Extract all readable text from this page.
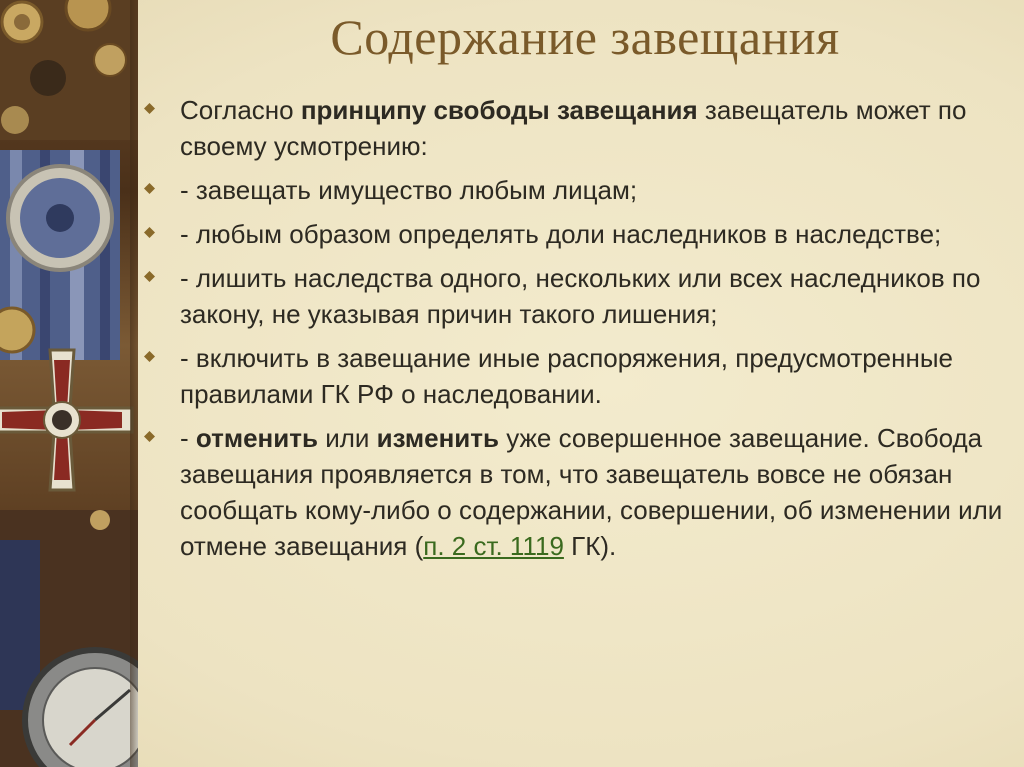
Содержание завещания
Согласно принципу свободы завещания завещатель может по своему усмотрению:
- завещать имущество любым лицам;
- любым образом определять доли наследников в наследстве;
- лишить наследства одного, нескольких или всех наследников по закону, не указывая причин такого лишения;
- включить в завещание иные распоряжения, предусмотренные правилами ГК РФ о наследовании.
- отменить или изменить уже совершенное завещание. Свобода завещания проявляется в том, что завещатель вовсе не обязан сообщать кому-либо о содержании, совершении, об изменении или отмене завещания (п. 2 ст. 1119 ГК).
